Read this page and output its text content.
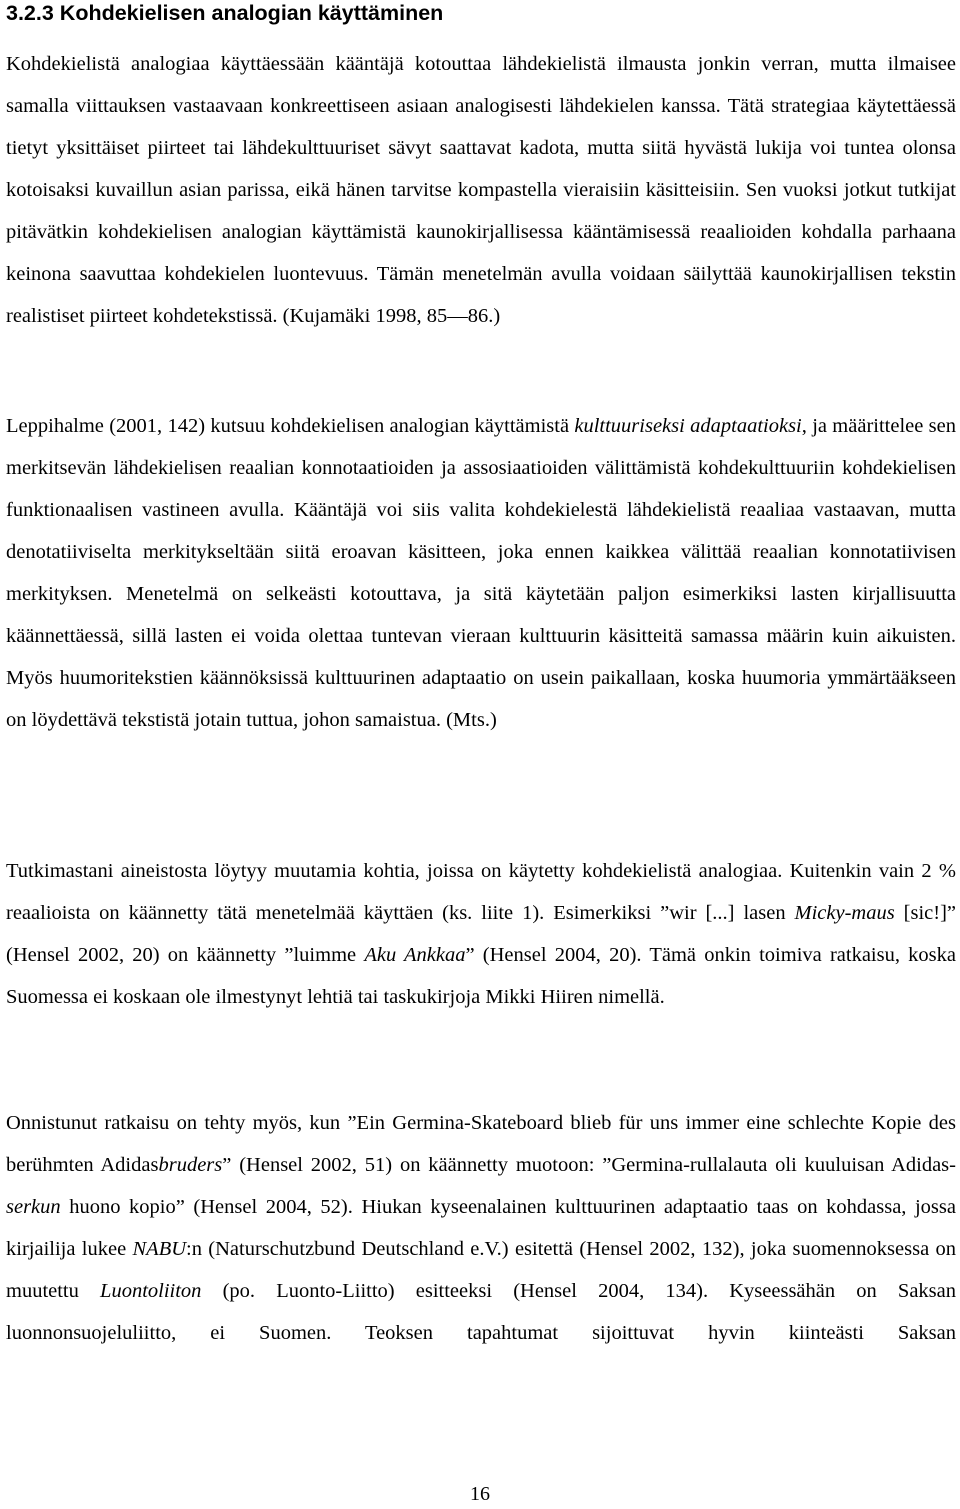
3.2.3 Kohdekielisen analogian käyttäminen

Kohdekielistä analogiaa käyttäessään kääntäjä kotouttaa lähdekielistä ilmausta jonkin verran, mutta ilmaisee samalla viittauksen vastaavaan konkreettiseen asiaan analogisesti lähdekielen kanssa. Tätä strategiaa käytettäessä tietyt yksittäiset piirteet tai lähdekulttuuriset sävyt saattavat kadota, mutta siitä hyvästä lukija voi tuntea olonsa kotoisaksi kuvaillun asian parissa, eikä hänen tarvitse kompastella vieraisiin käsitteisiin. Sen vuoksi jotkut tutkijat pitävätkin kohdekielisen analogian käyttämistä kaunokirjallisessa kääntämisessä reaalioiden kohdalla parhaana keinona saavuttaa kohdekielen luontevuus. Tämän menetelmän avulla voidaan säilyttää kaunokirjallisen tekstin realistiset piirteet kohdetekstissä. (Kujamäki 1998, 85—86.)

Leppihalme (2001, 142) kutsuu kohdekielisen analogian käyttämistä kulttuuriseksi adaptaatioksi, ja määrittelee sen merkitsevän lähdekielisen reaalian konnotaatioiden ja assosiaatioiden välittämistä kohdekulttuuriin kohdekielisen funktionaalisen vastineen avulla. Kääntäjä voi siis valita kohdekielestä lähdekielistä reaaliaa vastaavan, mutta denotatiiviselta merkitykseltään siitä eroavan käsitteen, joka ennen kaikkea välittää reaalian konnotatiivisen merkityksen. Menetelmä on selkeästi kotouttava, ja sitä käytetään paljon esimerkiksi lasten kirjallisuutta käännettäessä, sillä lasten ei voida olettaa tuntevan vieraan kulttuurin käsitteitä samassa määrin kuin aikuisten. Myös huumoritekstien käännöksissä kulttuurinen adaptaatio on usein paikallaan, koska huumoria ymmärtääkseen on löydettävä tekstistä jotain tuttua, johon samaistua. (Mts.)

Tutkimastani aineistosta löytyy muutamia kohtia, joissa on käytetty kohdekielistä analogiaa. Kuitenkin vain 2 % reaalioista on käännetty tätä menetelmää käyttäen (ks. liite 1). Esimerkiksi ”wir [...] lasen Micky-maus [sic!]” (Hensel 2002, 20) on käännetty ”luimme Aku Ankkaa” (Hensel 2004, 20). Tämä onkin toimiva ratkaisu, koska Suomessa ei koskaan ole ilmestynyt lehtiä tai taskukirjoja Mikki Hiiren nimellä.

Onnistunut ratkaisu on tehty myös, kun ”Ein Germina-Skateboard blieb für uns immer eine schlechte Kopie des berühmten Adidasbruders” (Hensel 2002, 51) on käännetty muotoon: ”Germina-rullalauta oli kuuluisan Adidas-serkun huono kopio” (Hensel 2004, 52). Hiukan kyseenalainen kulttuurinen adaptaatio taas on kohdassa, jossa kirjailija lukee NABU:n (Naturschutzbund Deutschland e.V.) esitettä (Hensel 2002, 132), joka suomennoksessa on muutettu Luontoliiton (po. Luonto-Liitto) esitteeksi (Hensel 2004, 134). Kyseessähän on Saksan luonnonsuojeluliitto, ei Suomen. Teoksen tapahtumat sijoittuvat hyvin kiinteästi Saksan

16
